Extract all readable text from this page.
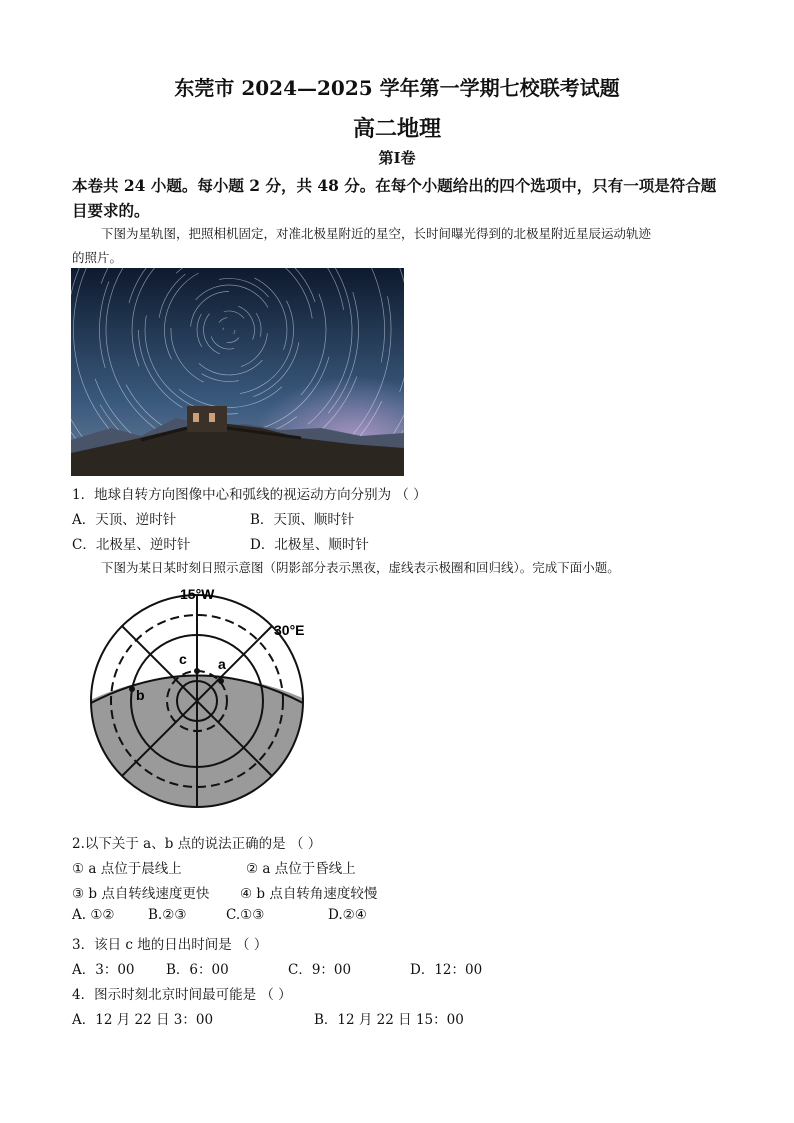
东莞市 2024—2025 学年第一学期七校联考试题
高二地理
第Ⅰ卷
本卷共 24 小题。每小题 2 分，共 48 分。在每个小题给出的四个选项中，只有一项是符合题
目要求的。
下图为星轨图，把照相机固定，对准北极星附近的星空，长时间曝光得到的北极星附近星辰运动轨迹
的照片。
1．地球自转方向图像中心和弧线的视运动方向分别为 （ ）
A．天顶、逆时针	B．天顶、顺时针
C．北极星、逆时针	D．北极星、顺时针
下图为某日某时刻日照示意图（阴影部分表示黑夜，虚线表示极圈和回归线）。完成下面小题。
15°W
30°E
a
b
c
2.以下关于 a、b 点的说法正确的是 （ ）
① a 点位于晨线上	② a 点位于昏线上
③ b 点自转线速度更快 ④ b 点自转角速度较慢
A. ①② B.②③	C.①③	D.②④
3．该日 c 地的日出时间是 （ ）
A．3：00 B．6：00	C．9：00	D．12：00
4．图示时刻北京时间最可能是 （ ）
A．12 月 22 日 3：00	B．12 月 22 日 15：00
